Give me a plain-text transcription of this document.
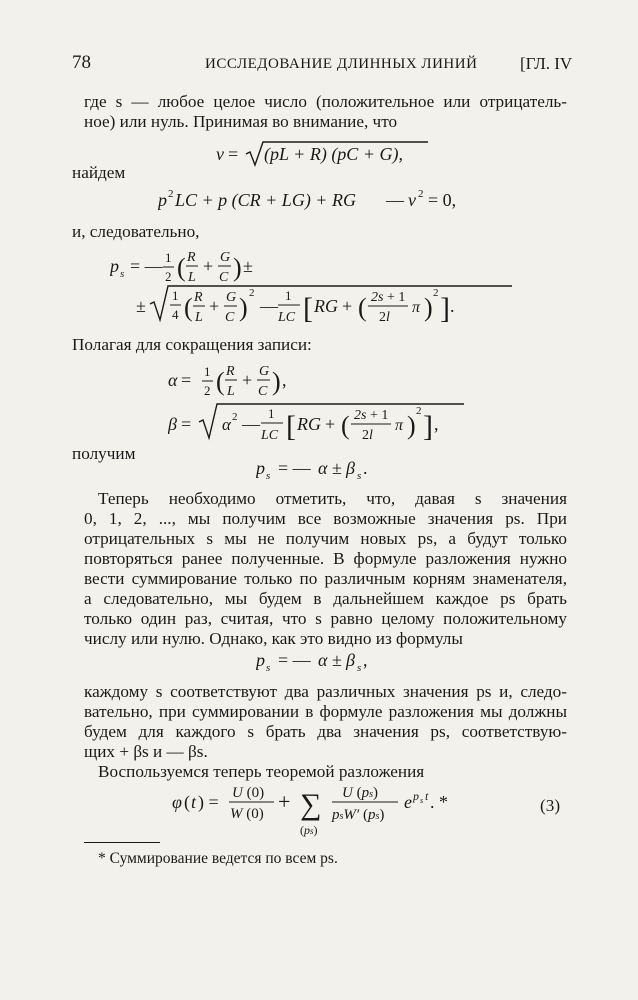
78	ИССЛЕДОВАНИЕ ДЛИННЫХ ЛИНИЙ	[ГЛ. IV
где s — любое целое число (положительное или отрицатель-
ное) или нуль. Принимая во внимание, что
ν = (pL + R) (pC + G),
найдем
p 2 LC + p (CR + LG) + RG — ν 2 = 0,
и, следовательно,
p s = — 1
2 ( R
L
+ G
C ) ±
±
1
4 ( R
L
+ G
C ) 2
—
1
LC [ RG + ( 2s + 1
2l
π ) 2 ] .
Полагая для сокращения записи:
α = 1
2 ( R
L
+ G
C ) ,
β = α 2 —
1
LC [ RG + ( 2s + 1
2l
π ) 2 ] ,
получим
p s = — α ± β s .
Теперь необходимо отметить, что, давая s значения
0, 1, 2, ..., мы получим все возможные значения ps. При
отрицательных s мы не получим новых ps, а будут только
повторяться ранее полученные. В формуле разложения нужно
вести суммирование только по различным корням знаменателя,
а следовательно, мы будем в дальнейшем каждое ps брать
только один раз, считая, что s равно целому положительному
числу или нулю. Однако, как это видно из формулы
p s = — α ± β s ,
каждому s соответствуют два различных значения ps и, следо-
вательно, при суммировании в формуле разложения мы должны
будем для каждого s брать два значения ps, соответствую-
щих + βs и — βs.
Воспользуемся теперь теоремой разложения
φ ( t ) = U (0)
W (0) + ∑
(ps)
U (ps)
psW′ (ps)
e p s t . *	(3)
* Суммирование ведется по всем ps.
